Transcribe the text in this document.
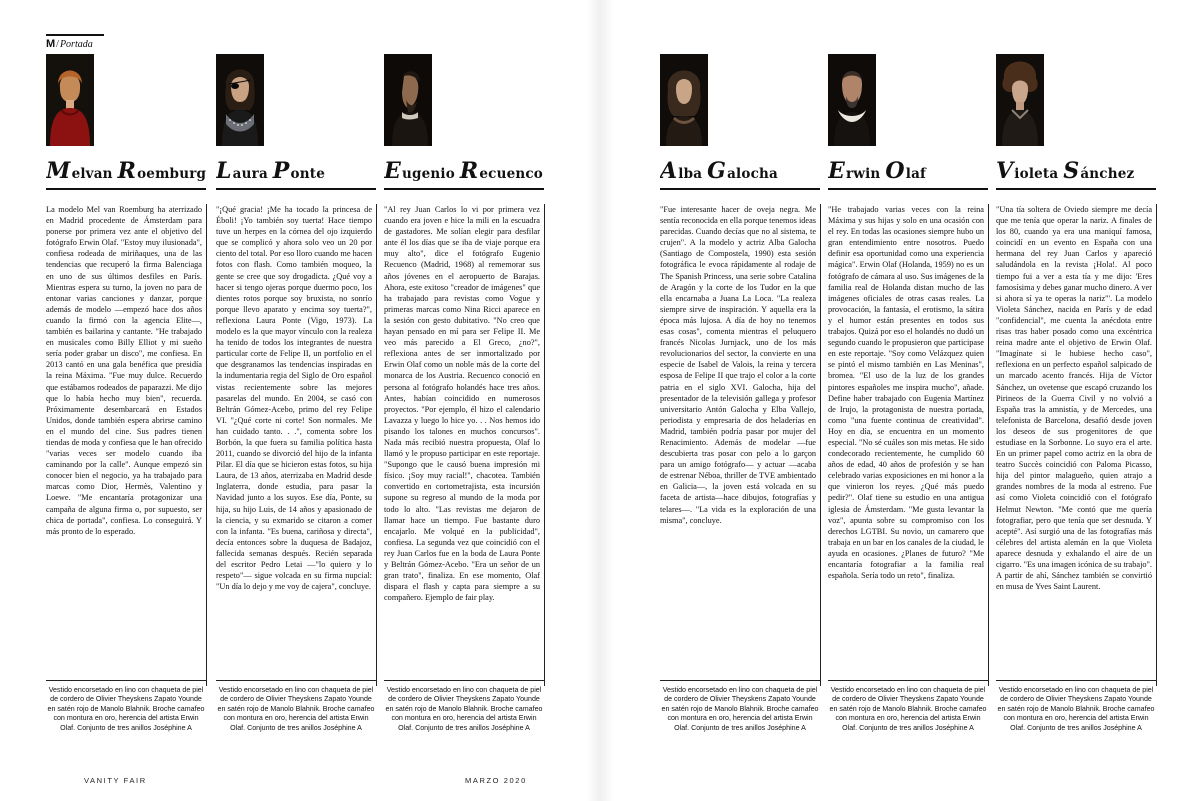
M/Portada
Melvan Roemburg
La modelo Mel van Roemburg ha aterrizado en Madrid procedente de Ámsterdam para ponerse por primera vez ante el objetivo del fotógrafo Erwin Olaf. "Estoy muy ilusionada", confiesa rodeada de miriñaques, una de las tendencias que recuperó la firma Balenciaga en uno de sus últimos desfiles en París. Mientras espera su turno, la joven no para de entonar varias canciones y danzar, porque además de modelo —empezó hace dos años cuando la firmó con la agencia Elite—, también es bailarina y cantante. "He trabajado en musicales como Billy Elliot y mi sueño sería poder grabar un disco", me confiesa. En 2013 cantó en una gala benéfica que presidía la reina Máxima. "Fue muy dulce. Recuerdo que estábamos rodeados de paparazzi. Me dijo que lo había hecho muy bien", recuerda. Próximamente desembarcará en Estados Unidos, donde también espera abrirse camino en el mundo del cine. Sus padres tienen tiendas de moda y confiesa que le han ofrecido "varias veces ser modelo cuando iba caminando por la calle". Aunque empezó sin conocer bien el negocio, ya ha trabajado para marcas como Dior, Hermès, Valentino y Loewe. "Me encantaría protagonizar una campaña de alguna firma o, por supuesto, ser chica de portada", confiesa. Lo conseguirá. Y más pronto de lo esperado.
Vestido encorsetado en lino con chaqueta de piel de cordero de Olivier Theyskens Zapato Younde en satén rojo de Manolo Blahnik. Broche camafeo con montura en oro, herencia del artista Erwin Olaf. Conjunto de tres anillos Joséphine A
Laura Ponte
"¡Qué gracia! ¡Me ha tocado la princesa de Éboli! ¡Yo también soy tuerta! Hace tiempo tuve un herpes en la córnea del ojo izquierdo que se complicó y ahora solo veo un 20 por ciento del total. Por eso lloro cuando me hacen fotos con flash. Como también moqueo, la gente se cree que soy drogadicta. ¿Qué voy a hacer si tengo ojeras porque duermo poco, los dientes rotos porque soy bruxista, no sonrío porque llevo aparato y encima soy tuerta?", reflexiona Laura Ponte (Vigo, 1973). La modelo es la que mayor vínculo con la realeza ha tenido de todos los integrantes de nuestra particular corte de Felipe II, un portfolio en el que desgranamos las tendencias inspiradas en la indumentaria regia del Siglo de Oro español vistas recientemente sobre las mejores pasarelas del mundo. En 2004, se casó con Beltrán Gómez-Acebo, primo del rey Felipe VI. "¿Qué corte ni corte! Son normales. Me han cuidado tanto. . .", comenta sobre los Borbón, la que fuera su familia política hasta 2011, cuando se divorció del hijo de la infanta Pilar. El día que se hicieron estas fotos, su hija Laura, de 13 años, aterrizaba en Madrid desde Inglaterra, donde estudia, para pasar la Navidad junto a los suyos. Ese día, Ponte, su hija, su hijo Luis, de 14 años y apasionado de la ciencia, y su exmarido se citaron a comer con la infanta. "Es buena, cariñosa y directa", decía entonces sobre la duquesa de Badajoz, fallecida semanas después. Recién separada del escritor Pedro Letai —"lo quiero y lo respeto"— sigue volcada en su firma nupcial: "Un día lo dejo y me voy de cajera", concluye.
Vestido encorsetado en lino con chaqueta de piel de cordero de Olivier Theyskens Zapato Younde en satén rojo de Manolo Blahnik. Broche camafeo con montura en oro, herencia del artista Erwin Olaf. Conjunto de tres anillos Joséphine A
Eugenio Recuenco
"Al rey Juan Carlos lo vi por primera vez cuando era joven e hice la mili en la escuadra de gastadores. Me solían elegir para desfilar ante él los días que se iba de viaje porque era muy alto", dice el fotógrafo Eugenio Recuenco (Madrid, 1968) al rememorar sus años jóvenes en el aeropuerto de Barajas. Ahora, este exitoso "creador de imágenes" que ha trabajado para revistas como Vogue y primeras marcas como Nina Ricci aparece en la sesión con gesto dubitativo. "No creo que hayan pensado en mí para ser Felipe II. Me veo más parecido a El Greco, ¿no?", reflexiona antes de ser inmortalizado por Erwin Olaf como un noble más de la corte del monarca de los Austria. Recuenco conoció en persona al fotógrafo holandés hace tres años. Antes, habían coincidido en numerosos proyectos. "Por ejemplo, él hizo el calendario Lavazza y luego lo hice yo. . . Nos hemos ido pisando los talones en muchos concursos". Nada más recibió nuestra propuesta, Olaf lo llamó y le propuso participar en este reportaje. "Supongo que le causó buena impresión mi físico. ¡Soy muy racial!", chacotea. También convertido en cortometrajista, esta incursión supone su regreso al mundo de la moda por todo lo alto. "Las revistas me dejaron de llamar hace un tiempo. Fue bastante duro encajarlo. Me volqué en la publicidad", confiesa. La segunda vez que coincidió con el rey Juan Carlos fue en la boda de Laura Ponte y Beltrán Gómez-Acebo. "Era un señor de un gran trato", finaliza. En ese momento, Olaf dispara el flash y capta para siempre a su compañero. Ejemplo de fair play.
Vestido encorsetado en lino con chaqueta de piel de cordero de Olivier Theyskens Zapato Younde en satén rojo de Manolo Blahnik. Broche camafeo con montura en oro, herencia del artista Erwin Olaf. Conjunto de tres anillos Joséphine A
VANITY FAIR	MARZO 2020
Alba Galocha
"Fue interesante hacer de oveja negra. Me sentía reconocida en ella porque tenemos ideas parecidas. Cuando decías que no al sistema, te crujen". A la modelo y actriz Alba Galocha (Santiago de Compostela, 1990) esta sesión fotográfica le evoca rápidamente al rodaje de The Spanish Princess, una serie sobre Catalina de Aragón y la corte de los Tudor en la que ella encarnaba a Juana La Loca. "La realeza siempre sirve de inspiración. Y aquella era la época más lujosa. A día de hoy no tenemos esas cosas", comenta mientras el peluquero francés Nicolas Jurnjack, uno de los más revolucionarios del sector, la convierte en una especie de Isabel de Valois, la reina y tercera esposa de Felipe II que trajo el color a la corte patria en el siglo XVI. Galocha, hija del presentador de la televisión gallega y profesor universitario Antón Galocha y Elba Vallejo, periodista y empresaria de dos heladerías en Madrid, también podría pasar por mujer del Renacimiento. Además de modelar —fue descubierta tras posar con pelo a lo garçon para un amigo fotógrafo— y actuar —acaba de estrenar Néboa, thriller de TVE ambientado en Galicia—, la joven está volcada en su faceta de artista—hace dibujos, fotografías y telares—. "La vida es la exploración de una misma", concluye.
Vestido encorsetado en lino con chaqueta de piel de cordero de Olivier Theyskens Zapato Younde en satén rojo de Manolo Blahnik. Broche camafeo con montura en oro, herencia del artista Erwin Olaf. Conjunto de tres anillos Joséphine A
Erwin Olaf
"He trabajado varias veces con la reina Máxima y sus hijas y solo en una ocasión con el rey. En todas las ocasiones siempre hubo un gran entendimiento entre nosotros. Puedo definir esa oportunidad como una experiencia mágica". Erwin Olaf (Holanda, 1959) no es un fotógrafo de cámara al uso. Sus imágenes de la familia real de Holanda distan mucho de las imágenes oficiales de otras casas reales. La provocación, la fantasía, el erotismo, la sátira y el humor están presentes en todos sus trabajos. Quizá por eso el holandés no dudó un segundo cuando le propusieron que participase en este reportaje. "Soy como Velázquez quien se pintó el mismo también en Las Meninas", bromea. "El uso de la luz de los grandes pintores españoles me inspira mucho", añade. Define haber trabajado con Eugenia Martínez de Irujo, la protagonista de nuestra portada, como "una fuente continua de creatividad". Hoy en día, se encuentra en un momento especial. "No sé cuáles son mis metas. He sido condecorado recientemente, he cumplido 60 años de edad, 40 años de profesión y se han celebrado varias exposiciones en mi honor a la que vinieron los reyes. ¿Qué más puedo pedir?". Olaf tiene su estudio en una antigua iglesia de Ámsterdam. "Me gusta levantar la voz", apunta sobre su compromiso con los derechos LGTBI. Su novio, un camarero que trabaja en un bar en los canales de la ciudad, le ayuda en ocasiones. ¿Planes de futuro? "Me encantaría fotografiar a la familia real española. Sería todo un reto", finaliza.
Vestido encorsetado en lino con chaqueta de piel de cordero de Olivier Theyskens Zapato Younde en satén rojo de Manolo Blahnik. Broche camafeo con montura en oro, herencia del artista Erwin Olaf. Conjunto de tres anillos Joséphine A
Violeta Sánchez
"Una tía soltera de Oviedo siempre me decía que me tenía que operar la nariz. A finales de los 80, cuando ya era una maniquí famosa, coincidí en un evento en España con una hermana del rey Juan Carlos y apareció saludándola en la revista ¡Hola!. Al poco tiempo fui a ver a esta tía y me dijo: 'Eres famosísima y debes ganar mucho dinero. A ver si ahora sí ya te operas la nariz'". La modelo Violeta Sánchez, nacida en París y de edad "confidencial", me cuenta la anécdota entre risas tras haber posado como una excéntrica reina madre ante el objetivo de Erwin Olaf. "Imagínate si le hubiese hecho caso", reflexiona en un perfecto español salpicado de un marcado acento francés. Hija de Víctor Sánchez, un ovetense que escapó cruzando los Pirineos de la Guerra Civil y no volvió a España tras la amnistía, y de Mercedes, una telefonista de Barcelona, desafió desde joven los deseos de sus progenitores de que estudiase en la Sorbonne. Lo suyo era el arte. En un primer papel como actriz en la obra de teatro Succès coincidió con Paloma Picasso, hija del pintor malagueño, quien atrajo a grandes nombres de la moda al estreno. Fue así como Violeta coincidió con el fotógrafo Helmut Newton. "Me contó que me quería fotografiar, pero que tenía que ser desnuda. Y acepté". Así surgió una de las fotografías más célebres del artista alemán en la que Violeta aparece desnuda y exhalando el aire de un cigarro. "Es una imagen icónica de su trabajo". A partir de ahí, Sánchez también se convirtió en musa de Yves Saint Laurent.
Vestido encorsetado en lino con chaqueta de piel de cordero de Olivier Theyskens Zapato Younde en satén rojo de Manolo Blahnik. Broche camafeo con montura en oro, herencia del artista Erwin Olaf. Conjunto de tres anillos Joséphine A
